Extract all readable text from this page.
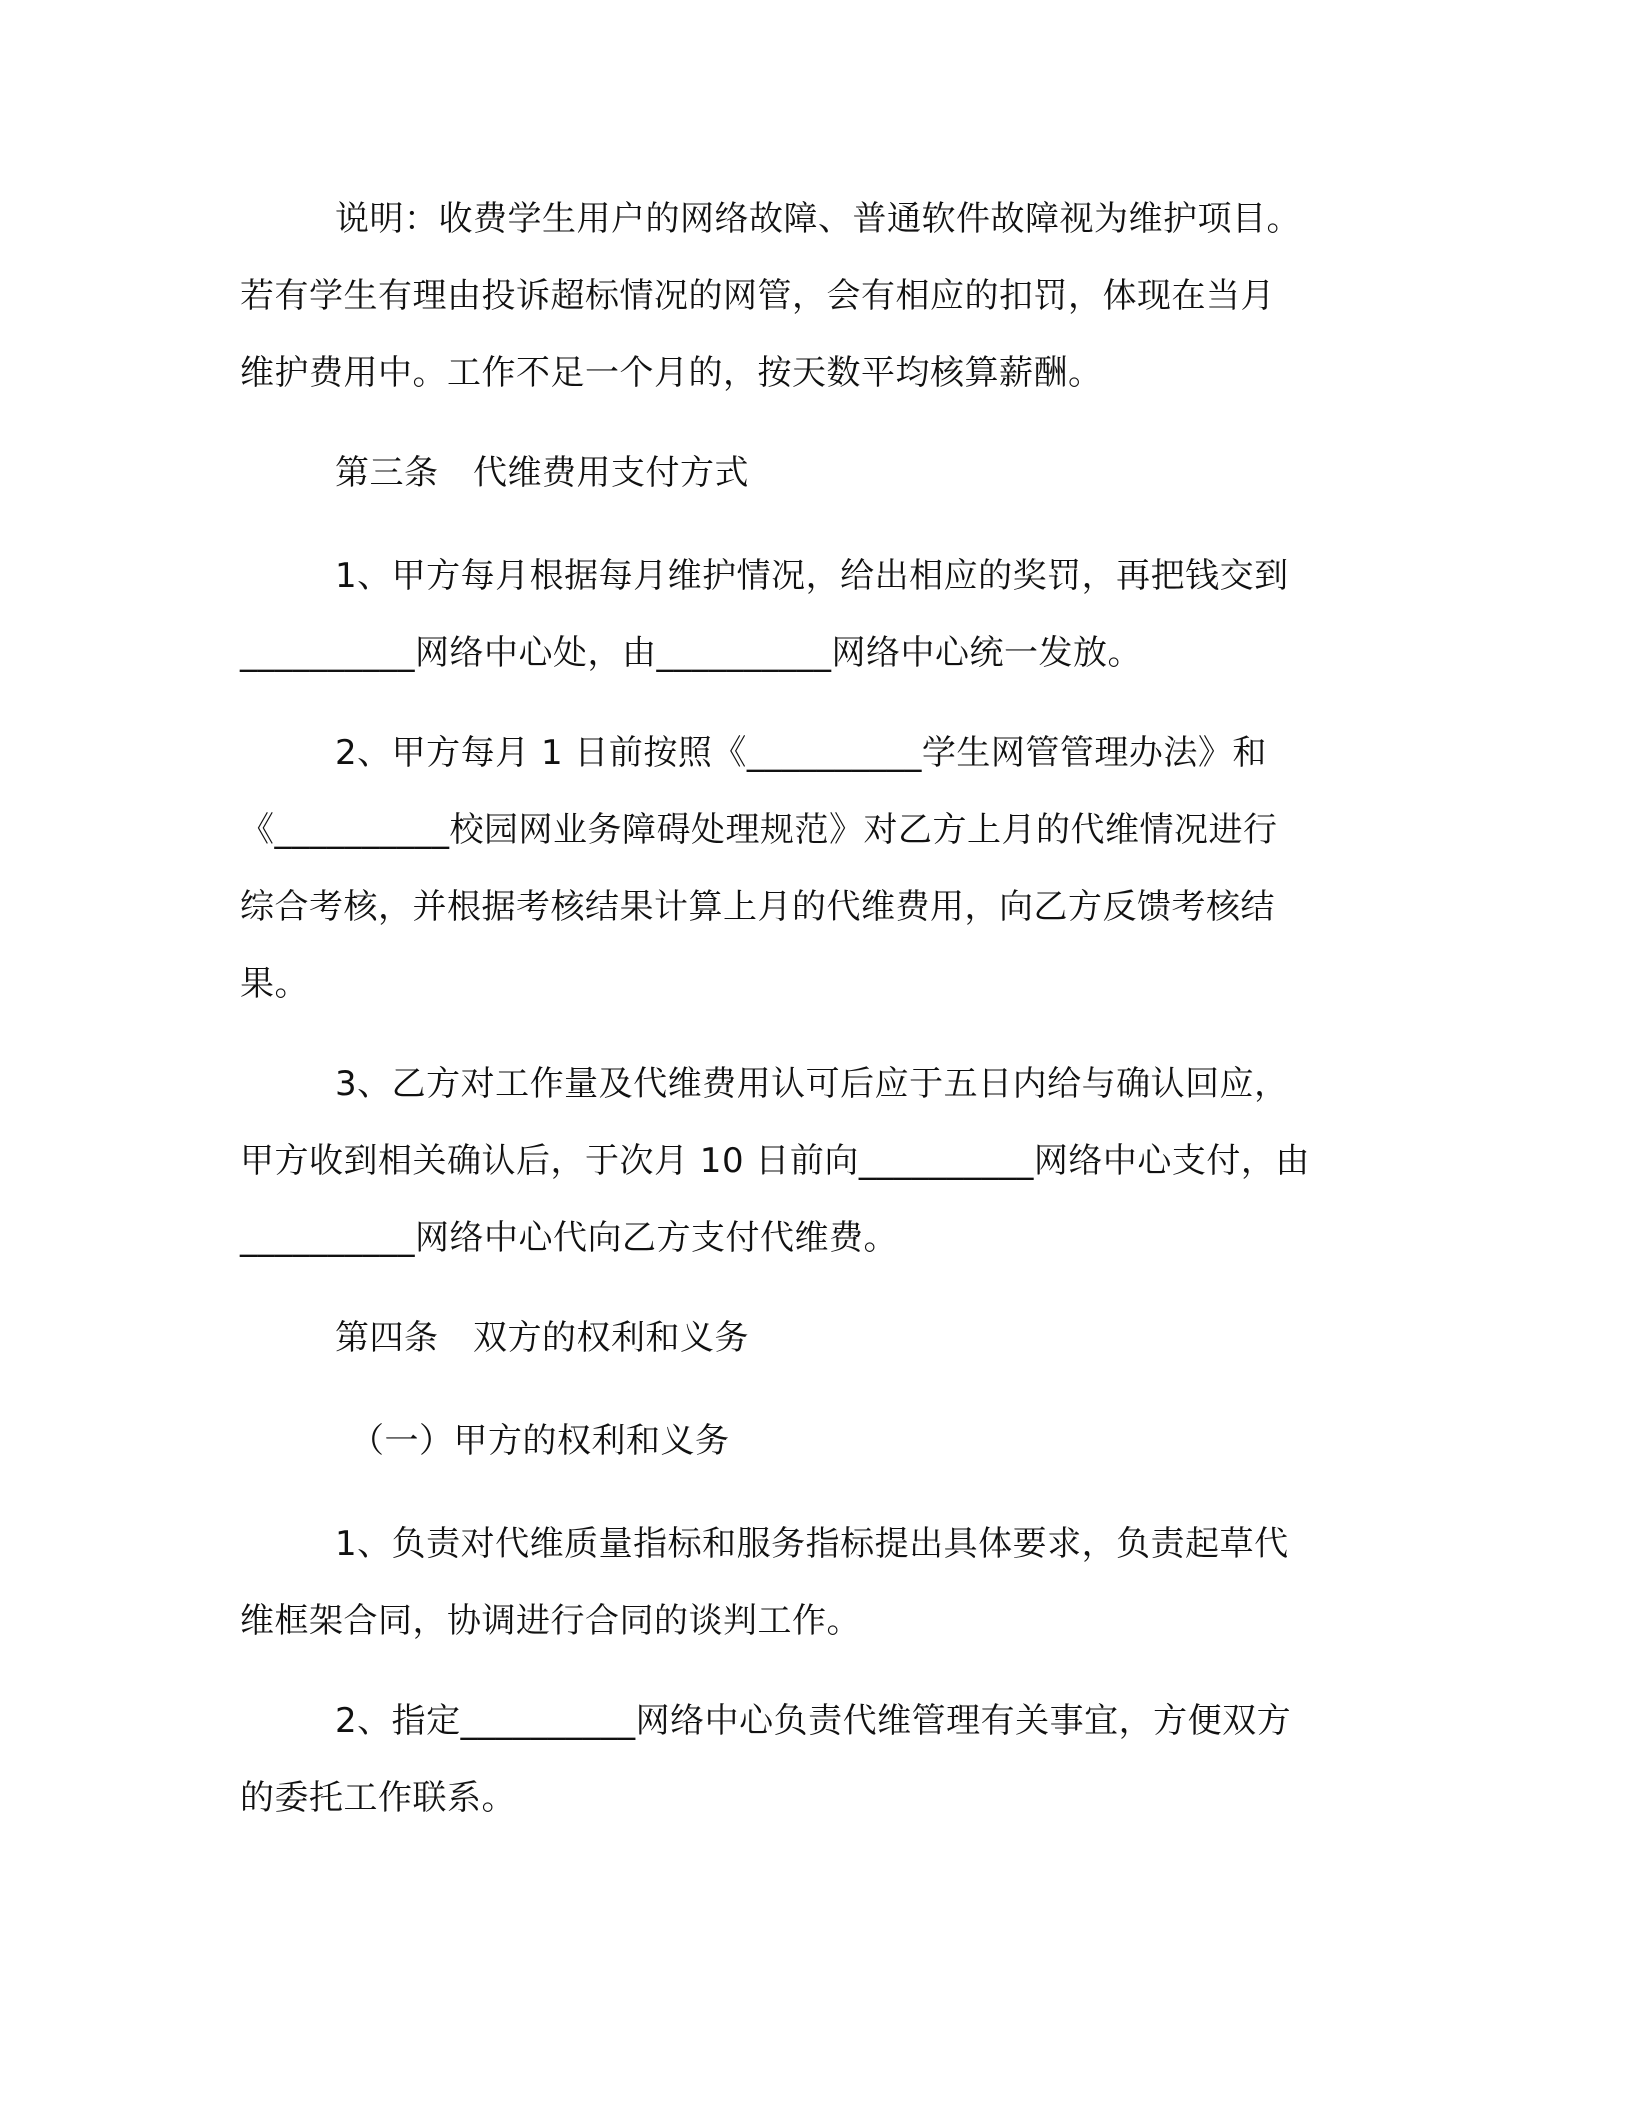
说明：收费学生用户的网络故障、普通软件故障视为维护项目。

若有学生有理由投诉超标情况的网管，会有相应的扣罚，体现在当月

维护费用中。工作不足一个月的，按天数平均核算薪酬。

第三条　代维费用支付方式

1、甲方每月根据每月维护情况，给出相应的奖罚，再把钱交到

__________网络中心处，由__________网络中心统一发放。

2、甲方每月 1 日前按照《__________学生网管管理办法》和

《__________校园网业务障碍处理规范》对乙方上月的代维情况进行

综合考核，并根据考核结果计算上月的代维费用，向乙方反馈考核结

果。

3、乙方对工作量及代维费用认可后应于五日内给与确认回应，

甲方收到相关确认后，于次月 10 日前向__________网络中心支付，由

__________网络中心代向乙方支付代维费。

第四条　双方的权利和义务

（一）甲方的权利和义务

1、负责对代维质量指标和服务指标提出具体要求，负责起草代

维框架合同，协调进行合同的谈判工作。

2、指定__________网络中心负责代维管理有关事宜，方便双方

的委托工作联系。
